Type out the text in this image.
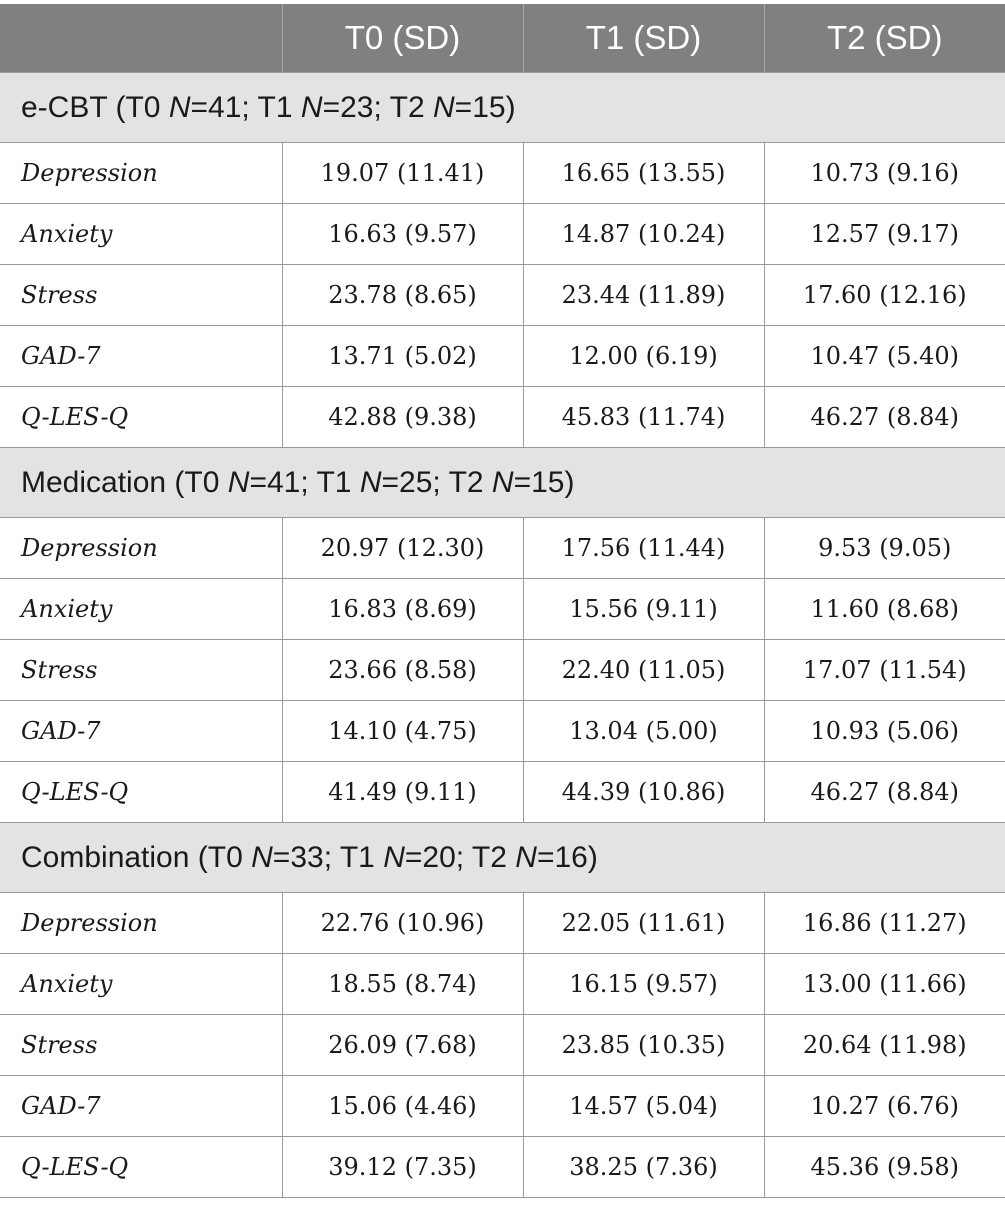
	T0 (SD)	T1 (SD)	T2 (SD)
e-CBT (T0 N=41; T1 N=23; T2 N=15)			
Depression	19.07 (11.41)	16.65 (13.55)	10.73 (9.16)
Anxiety	16.63 (9.57)	14.87 (10.24)	12.57 (9.17)
Stress	23.78 (8.65)	23.44 (11.89)	17.60 (12.16)
GAD-7	13.71 (5.02)	12.00 (6.19)	10.47 (5.40)
Q-LES-Q	42.88 (9.38)	45.83 (11.74)	46.27 (8.84)
Medication (T0 N=41; T1 N=25; T2 N=15)			
Depression	20.97 (12.30)	17.56 (11.44)	9.53 (9.05)
Anxiety	16.83 (8.69)	15.56 (9.11)	11.60 (8.68)
Stress	23.66 (8.58)	22.40 (11.05)	17.07 (11.54)
GAD-7	14.10 (4.75)	13.04 (5.00)	10.93 (5.06)
Q-LES-Q	41.49 (9.11)	44.39 (10.86)	46.27 (8.84)
Combination (T0 N=33; T1 N=20; T2 N=16)			
Depression	22.76 (10.96)	22.05 (11.61)	16.86 (11.27)
Anxiety	18.55 (8.74)	16.15 (9.57)	13.00 (11.66)
Stress	26.09 (7.68)	23.85 (10.35)	20.64 (11.98)
GAD-7	15.06 (4.46)	14.57 (5.04)	10.27 (6.76)
Q-LES-Q	39.12 (7.35)	38.25 (7.36)	45.36 (9.58)
